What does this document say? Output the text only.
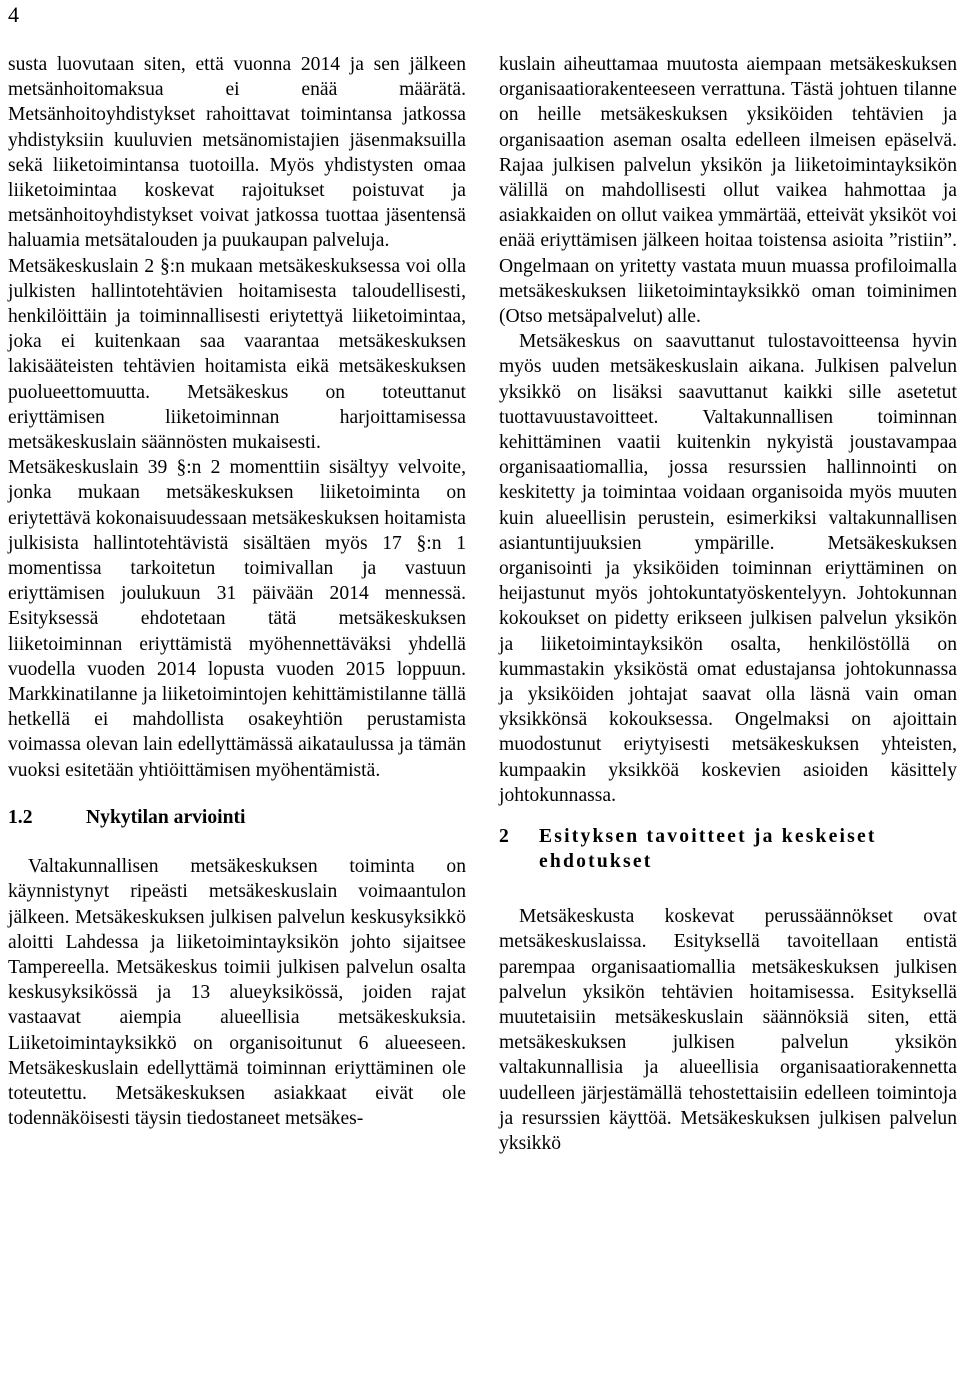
4

susta luovutaan siten, että vuonna 2014 ja sen jälkeen metsänhoitomaksua ei enää määrätä. Metsänhoitoyhdistykset rahoittavat toimintansa jatkossa yhdistyksiin kuuluvien metsänomistajien jäsenmaksuilla sekä liiketoimintansa tuotoilla. Myös yhdistysten omaa liiketoimintaa koskevat rajoitukset poistuvat ja metsänhoitoyhdistykset voivat jatkossa tuottaa jäsentensä haluamia metsätalouden ja puukaupan palveluja.

Metsäkeskuslain 2 §:n mukaan metsäkeskuksessa voi olla julkisten hallintotehtävien hoitamisesta taloudellisesti, henkilöittäin ja toiminnallisesti eriytettyä liiketoimintaa, joka ei kuitenkaan saa vaarantaa metsäkeskuksen lakisääteisten tehtävien hoitamista eikä metsäkeskuksen puolueettomuutta. Metsäkeskus on toteuttanut eriyttämisen liiketoiminnan harjoittamisessa metsäkeskuslain säännösten mukaisesti.

Metsäkeskuslain 39 §:n 2 momenttiin sisältyy velvoite, jonka mukaan metsäkeskuksen liiketoiminta on eriytettävä kokonaisuudessaan metsäkeskuksen hoitamista julkisista hallintotehtävistä sisältäen myös 17 §:n 1 momentissa tarkoitetun toimivallan ja vastuun eriyttämisen joulukuun 31 päivään 2014 mennessä. Esityksessä ehdotetaan tätä metsäkeskuksen liiketoiminnan eriyttämistä myöhennettäväksi yhdellä vuodella vuoden 2014 lopusta vuoden 2015 loppuun. Markkinatilanne ja liiketoimintojen kehittämistilanne tällä hetkellä ei mahdollista osakeyhtiön perustamista voimassa olevan lain edellyttämässä aikataulussa ja tämän vuoksi esitetään yhtiöittämisen myöhentämistä.

1.2	Nykytilan arviointi

Valtakunnallisen metsäkeskuksen toiminta on käynnistynyt ripeästi metsäkeskuslain voimaantulon jälkeen. Metsäkeskuksen julkisen palvelun keskusyksikkö aloitti Lahdessa ja liiketoimintayksikön johto sijaitsee Tampereella. Metsäkeskus toimii julkisen palvelun osalta keskusyksikössä ja 13 alueyksikössä, joiden rajat vastaavat aiempia alueellisia metsäkeskuksia. Liiketoimintayksikkö on organisoitunut 6 alueeseen. Metsäkeskuslain edellyttämä toiminnan eriyttäminen ole toteutettu. Metsäkeskuksen asiakkaat eivät ole todennäköisesti täysin tiedostaneet metsäkes-

kuslain aiheuttamaa muutosta aiempaan metsäkeskuksen organisaatiorakenteeseen verrattuna. Tästä johtuen tilanne on heille metsäkeskuksen yksiköiden tehtävien ja organisaation aseman osalta edelleen ilmeisen epäselvä. Rajaa julkisen palvelun yksikön ja liiketoimintayksikön välillä on mahdollisesti ollut vaikea hahmottaa ja asiakkaiden on ollut vaikea ymmärtää, etteivät yksiköt voi enää eriyttämisen jälkeen hoitaa toistensa asioita ”ristiin”. Ongelmaan on yritetty vastata muun muassa profiloimalla metsäkeskuksen liiketoimintayksikkö oman toiminimen (Otso metsäpalvelut) alle.

Metsäkeskus on saavuttanut tulostavoitteensa hyvin myös uuden metsäkeskuslain aikana. Julkisen palvelun yksikkö on lisäksi saavuttanut kaikki sille asetetut tuottavuustavoitteet. Valtakunnallisen toiminnan kehittäminen vaatii kuitenkin nykyistä joustavampaa organisaatiomallia, jossa resurssien hallinnointi on keskitetty ja toimintaa voidaan organisoida myös muuten kuin alueellisin perustein, esimerkiksi valtakunnallisen asiantuntijuuksien ympärille. Metsäkeskuksen organisointi ja yksiköiden toiminnan eriyttäminen on heijastunut myös johtokuntatyöskentelyyn. Johtokunnan kokoukset on pidetty erikseen julkisen palvelun yksikön ja liiketoimintayksikön osalta, henkilöstöllä on kummastakin yksiköstä omat edustajansa johtokunnassa ja yksiköiden johtajat saavat olla läsnä vain oman yksikkönsä kokouksessa. Ongelmaksi on ajoittain muodostunut eriytyisesti metsäkeskuksen yhteisten, kumpaakin yksikköä koskevien asioiden käsittely johtokunnassa.

2	Esityksen tavoitteet ja keskeiset ehdotukset

Metsäkeskusta koskevat perussäännökset ovat metsäkeskuslaissa. Esityksellä tavoitellaan entistä parempaa organisaatiomallia metsäkeskuksen julkisen palvelun yksikön tehtävien hoitamisessa. Esityksellä muutetaisiin metsäkeskuslain säännöksiä siten, että metsäkeskuksen julkisen palvelun yksikön valtakunnallisia ja alueellisia organisaatiorakennetta uudelleen järjestämällä tehostettaisiin edelleen toimintoja ja resurssien käyttöä. Metsäkeskuksen julkisen palvelun yksikkö
